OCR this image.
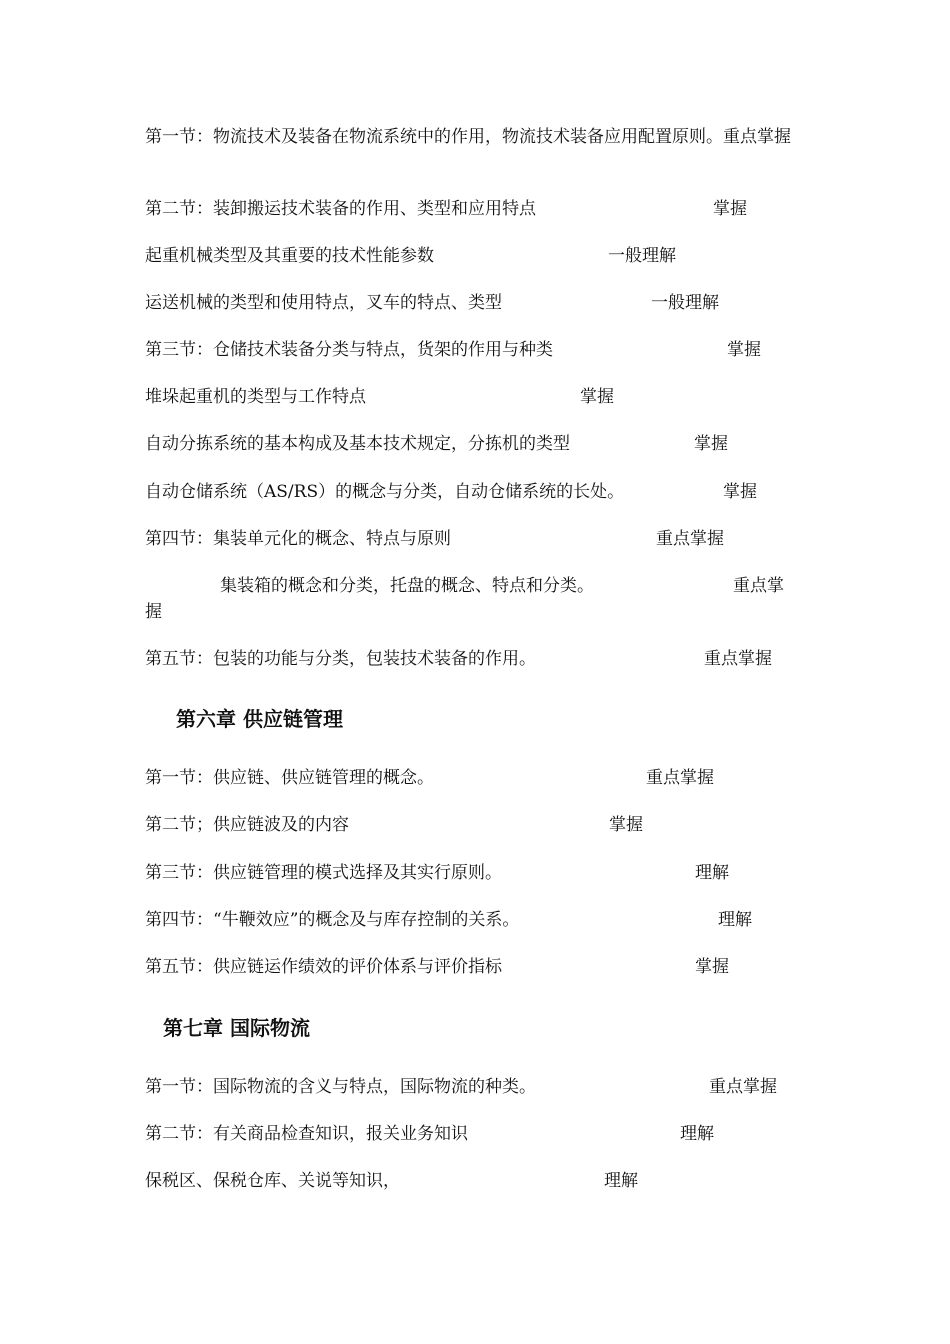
第一节：物流技术及装备在物流系统中的作用，物流技术装备应用配置原则。重点掌握
第二节：装卸搬运技术装备的作用、类型和应用特点	掌握
起重机械类型及其重要的技术性能参数	一般理解
运送机械的类型和使用特点，叉车的特点、类型	一般理解
第三节：仓储技术装备分类与特点，货架的作用与种类	掌握
堆垛起重机的类型与工作特点	掌握
自动分拣系统的基本构成及基本技术规定，分拣机的类型	掌握
自动仓储系统（AS/RS）的概念与分类，自动仓储系统的长处。	掌握
第四节：集装单元化的概念、特点与原则	重点掌握
集装箱的概念和分类，托盘的概念、特点和分类。	重点掌
握
第五节：包装的功能与分类，包装技术装备的作用。	重点掌握
第六章 供应链管理
第一节：供应链、供应链管理的概念。	重点掌握
第二节；供应链波及的内容	掌握
第三节：供应链管理的模式选择及其实行原则。	理解
第四节：“牛鞭效应”的概念及与库存控制的关系。	理解
第五节：供应链运作绩效的评价体系与评价指标	掌握
第七章 国际物流
第一节：国际物流的含义与特点，国际物流的种类。	重点掌握
第二节：有关商品检查知识，报关业务知识	理解
保税区、保税仓库、关说等知识，	理解
